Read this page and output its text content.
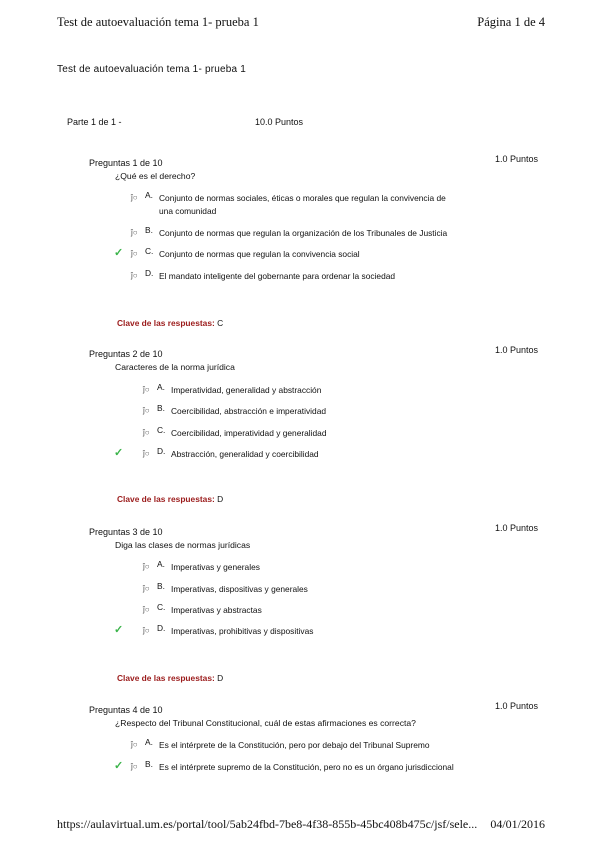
Test de autoevaluación tema 1- prueba 1	Página 1 de 4
Test de autoevaluación tema 1- prueba 1
Parte 1 de 1 -	10.0 Puntos
Preguntas 1 de 10	1.0 Puntos
¿Qué es el derecho?
ĵ○ A. Conjunto de normas sociales, éticas o morales que regulan la convivencia de
una comunidad
ĵ○ B. Conjunto de normas que regulan la organización de los Tribunales de Justicia
✓ ĵ○ C. Conjunto de normas que regulan la convivencia social
ĵ○ D. El mandato inteligente del gobernante para ordenar la sociedad
Clave de las respuestas: C
Preguntas 2 de 10	1.0 Puntos
Caracteres de la norma jurídica
ĵ○ A. Imperatividad, generalidad y abstracción
ĵ○ B. Coercibilidad, abstracción e imperatividad
ĵ○ C. Coercibilidad, imperatividad y generalidad
✓ ĵ○ D. Abstracción, generalidad y coercibilidad
Clave de las respuestas: D
Preguntas 3 de 10	1.0 Puntos
Diga las clases de normas jurídicas
ĵ○ A. Imperativas y generales
ĵ○ B. Imperativas, dispositivas y generales
ĵ○ C. Imperativas y abstractas
✓ ĵ○ D. Imperativas, prohibitivas y dispositivas
Clave de las respuestas: D
Preguntas 4 de 10	1.0 Puntos
¿Respecto del Tribunal Constitucional, cuál de estas afirmaciones es correcta?
ĵ○ A. Es el intérprete de la Constitución, pero por debajo del Tribunal Supremo
✓ ĵ○ B. Es el intérprete supremo de la Constitución, pero no es un órgano jurisdiccional
https://aulavirtual.um.es/portal/tool/5ab24fbd-7be8-4f38-855b-45bc408b475c/jsf/sele... 04/01/2016
